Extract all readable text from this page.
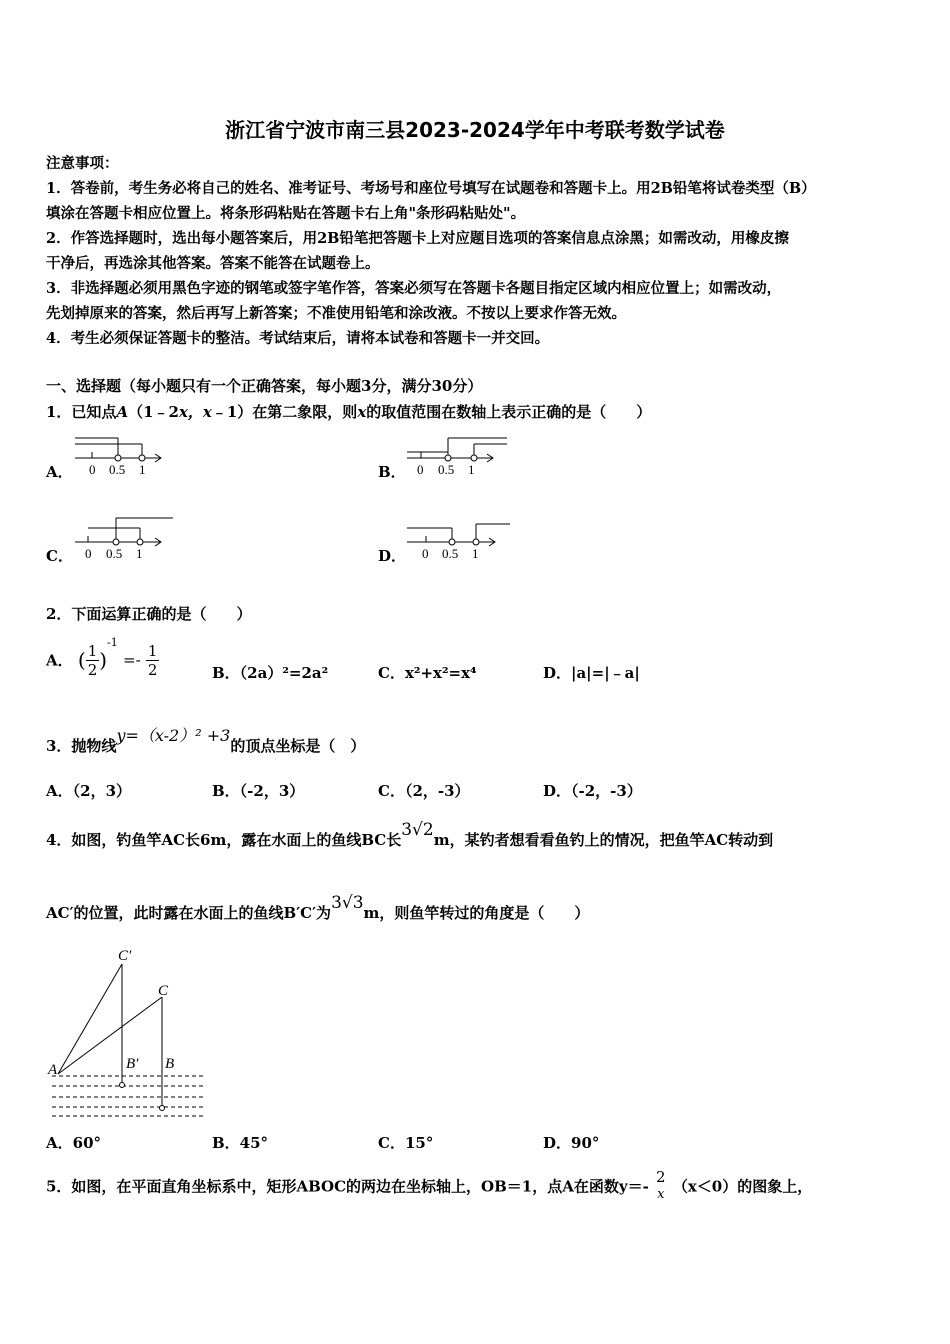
浙江省宁波市南三县2023-2024学年中考联考数学试卷
注意事项：
1．答卷前，考生务必将自己的姓名、准考证号、考场号和座位号填写在试题卷和答题卡上。用2B铅笔将试卷类型（B）
填涂在答题卡相应位置上。将条形码粘贴在答题卡右上角"条形码粘贴处"。
2．作答选择题时，选出每小题答案后，用2B铅笔把答题卡上对应题目选项的答案信息点涂黑；如需改动，用橡皮擦
干净后，再选涂其他答案。答案不能答在试题卷上。
3．非选择题必须用黑色字迹的钢笔或签字笔作答，答案必须写在答题卡各题目指定区域内相应位置上；如需改动，
先划掉原来的答案，然后再写上新答案；不准使用铅笔和涂改液。不按以上要求作答无效。
4．考生必须保证答题卡的整洁。考试结束后，请将本试卷和答题卡一并交回。
一、选择题（每小题只有一个正确答案，每小题3分，满分30分）
1．已知点A（1﹣2x，x﹣1）在第二象限，则x的取值范围在数轴上表示正确的是（　　）
A． 0 0.5 1	B． 0 0.5 1
C． 0 0.5 1	D． 0 0.5 1
2．下面运算正确的是（　　）
A． ( $\frac{1}{2} )^{-1} =- \frac{1}{2}$	B．（2a）²=2a²	C．x²+x²=x⁴	D．|a|=|﹣a|
3．抛物线y=（x-2）² +3的顶点坐标是（　）
A．（2，3）	B．（-2，3）	C．（2，-3）	D．（-2，-3）
4．如图，钓鱼竿AC长6m，露在水面上的鱼线BC长3√2m，某钓者想看看鱼钓上的情况，把鱼竿AC转动到
AC′的位置，此时露在水面上的鱼线B′C′为3√3m，则鱼竿转过的角度是（　　）
C′
C
A	B′ B
A．60°	B．45°	C．15°	D．90°
5．如图，在平面直角坐标系中，矩形ABOC的两边在坐标轴上，OB＝1，点A在函数y＝-
2
x （x＜0）的图象上，
